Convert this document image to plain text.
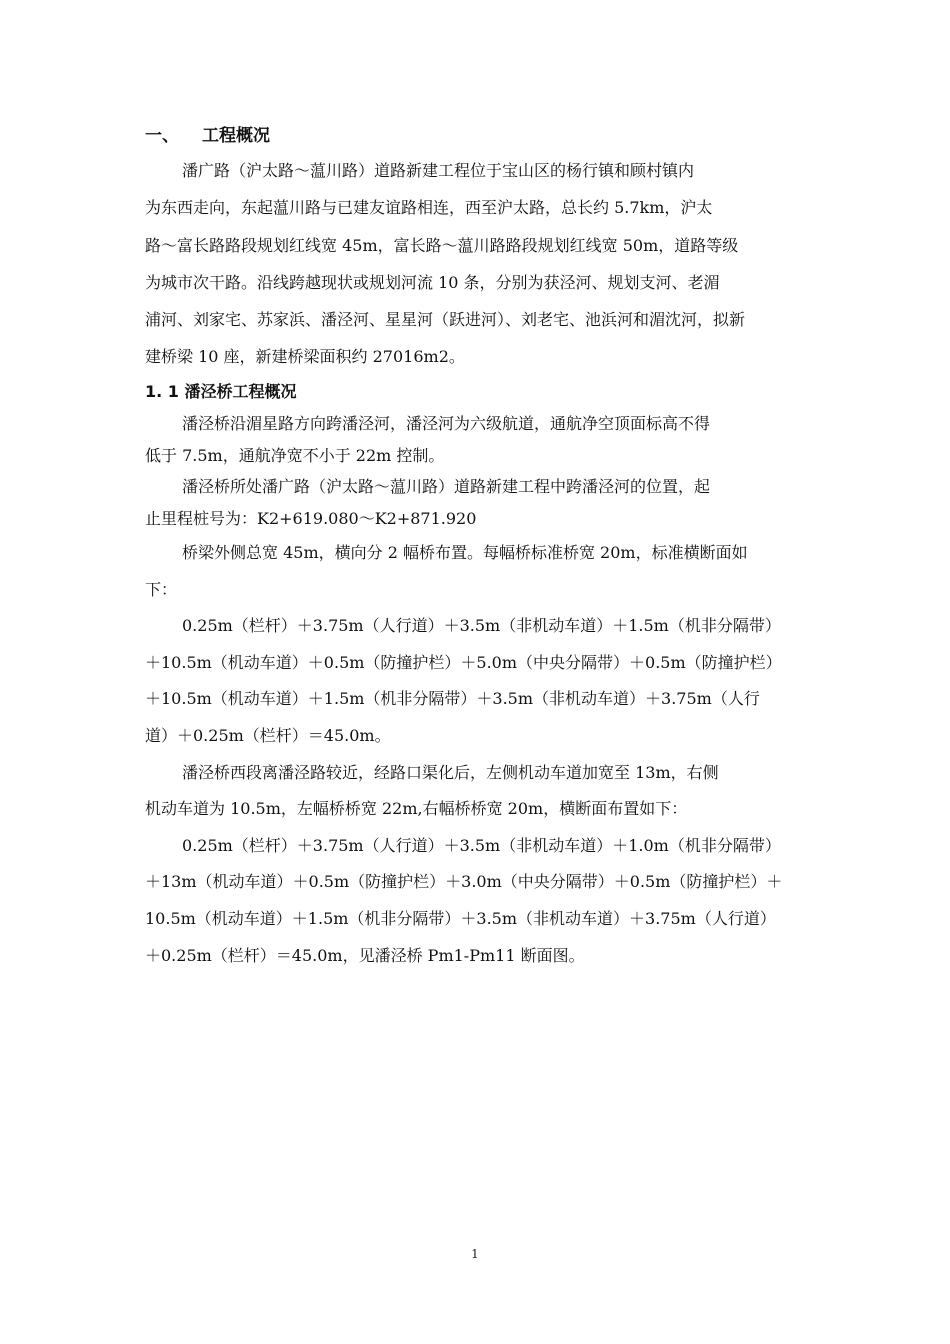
一、 工程概况
潘广路（沪太路～蕰川路）道路新建工程位于宝山区的杨行镇和顾村镇内
为东西走向，东起蕰川路与已建友谊路相连，西至沪太路，总长约 5.7km，沪太
路～富长路路段规划红线宽 45m，富长路～蕰川路路段规划红线宽 50m，道路等级
为城市次干路。沿线跨越现状或规划河流 10 条，分别为获泾河、规划支河、老湄
浦河、刘家宅、苏家浜、潘泾河、星星河（跃进河）、刘老宅、池浜河和湄沈河，拟新
建桥梁 10 座，新建桥梁面积约 27016m2。
1. 1 潘泾桥工程概况
潘泾桥沿湄星路方向跨潘泾河，潘泾河为六级航道，通航净空顶面标高不得
低于 7.5m，通航净宽不小于 22m 控制。
潘泾桥所处潘广路（沪太路～蕰川路）道路新建工程中跨潘泾河的位置，起
止里程桩号为：K2+619.080～K2+871.920
桥梁外侧总宽 45m，横向分 2 幅桥布置。每幅桥标准桥宽 20m，标准横断面如
下：
0.25m（栏杆）＋3.75m（人行道）＋3.5m（非机动车道）＋1.5m（机非分隔带）
＋10.5m（机动车道）＋0.5m（防撞护栏）＋5.0m（中央分隔带）＋0.5m（防撞护栏）
＋10.5m（机动车道）＋1.5m（机非分隔带）＋3.5m（非机动车道）＋3.75m（人行
道）＋0.25m（栏杆）＝45.0m。
潘泾桥西段离潘泾路较近，经路口渠化后，左侧机动车道加宽至 13m，右侧
机动车道为 10.5m，左幅桥桥宽 22m,右幅桥桥宽 20m，横断面布置如下：
0.25m（栏杆）＋3.75m（人行道）＋3.5m（非机动车道）＋1.0m（机非分隔带）
＋13m（机动车道）＋0.5m（防撞护栏）＋3.0m（中央分隔带）＋0.5m（防撞护栏）＋
10.5m（机动车道）＋1.5m（机非分隔带）＋3.5m（非机动车道）＋3.75m（人行道）
＋0.25m（栏杆）＝45.0m，见潘泾桥 Pm1-Pm11 断面图。
1
